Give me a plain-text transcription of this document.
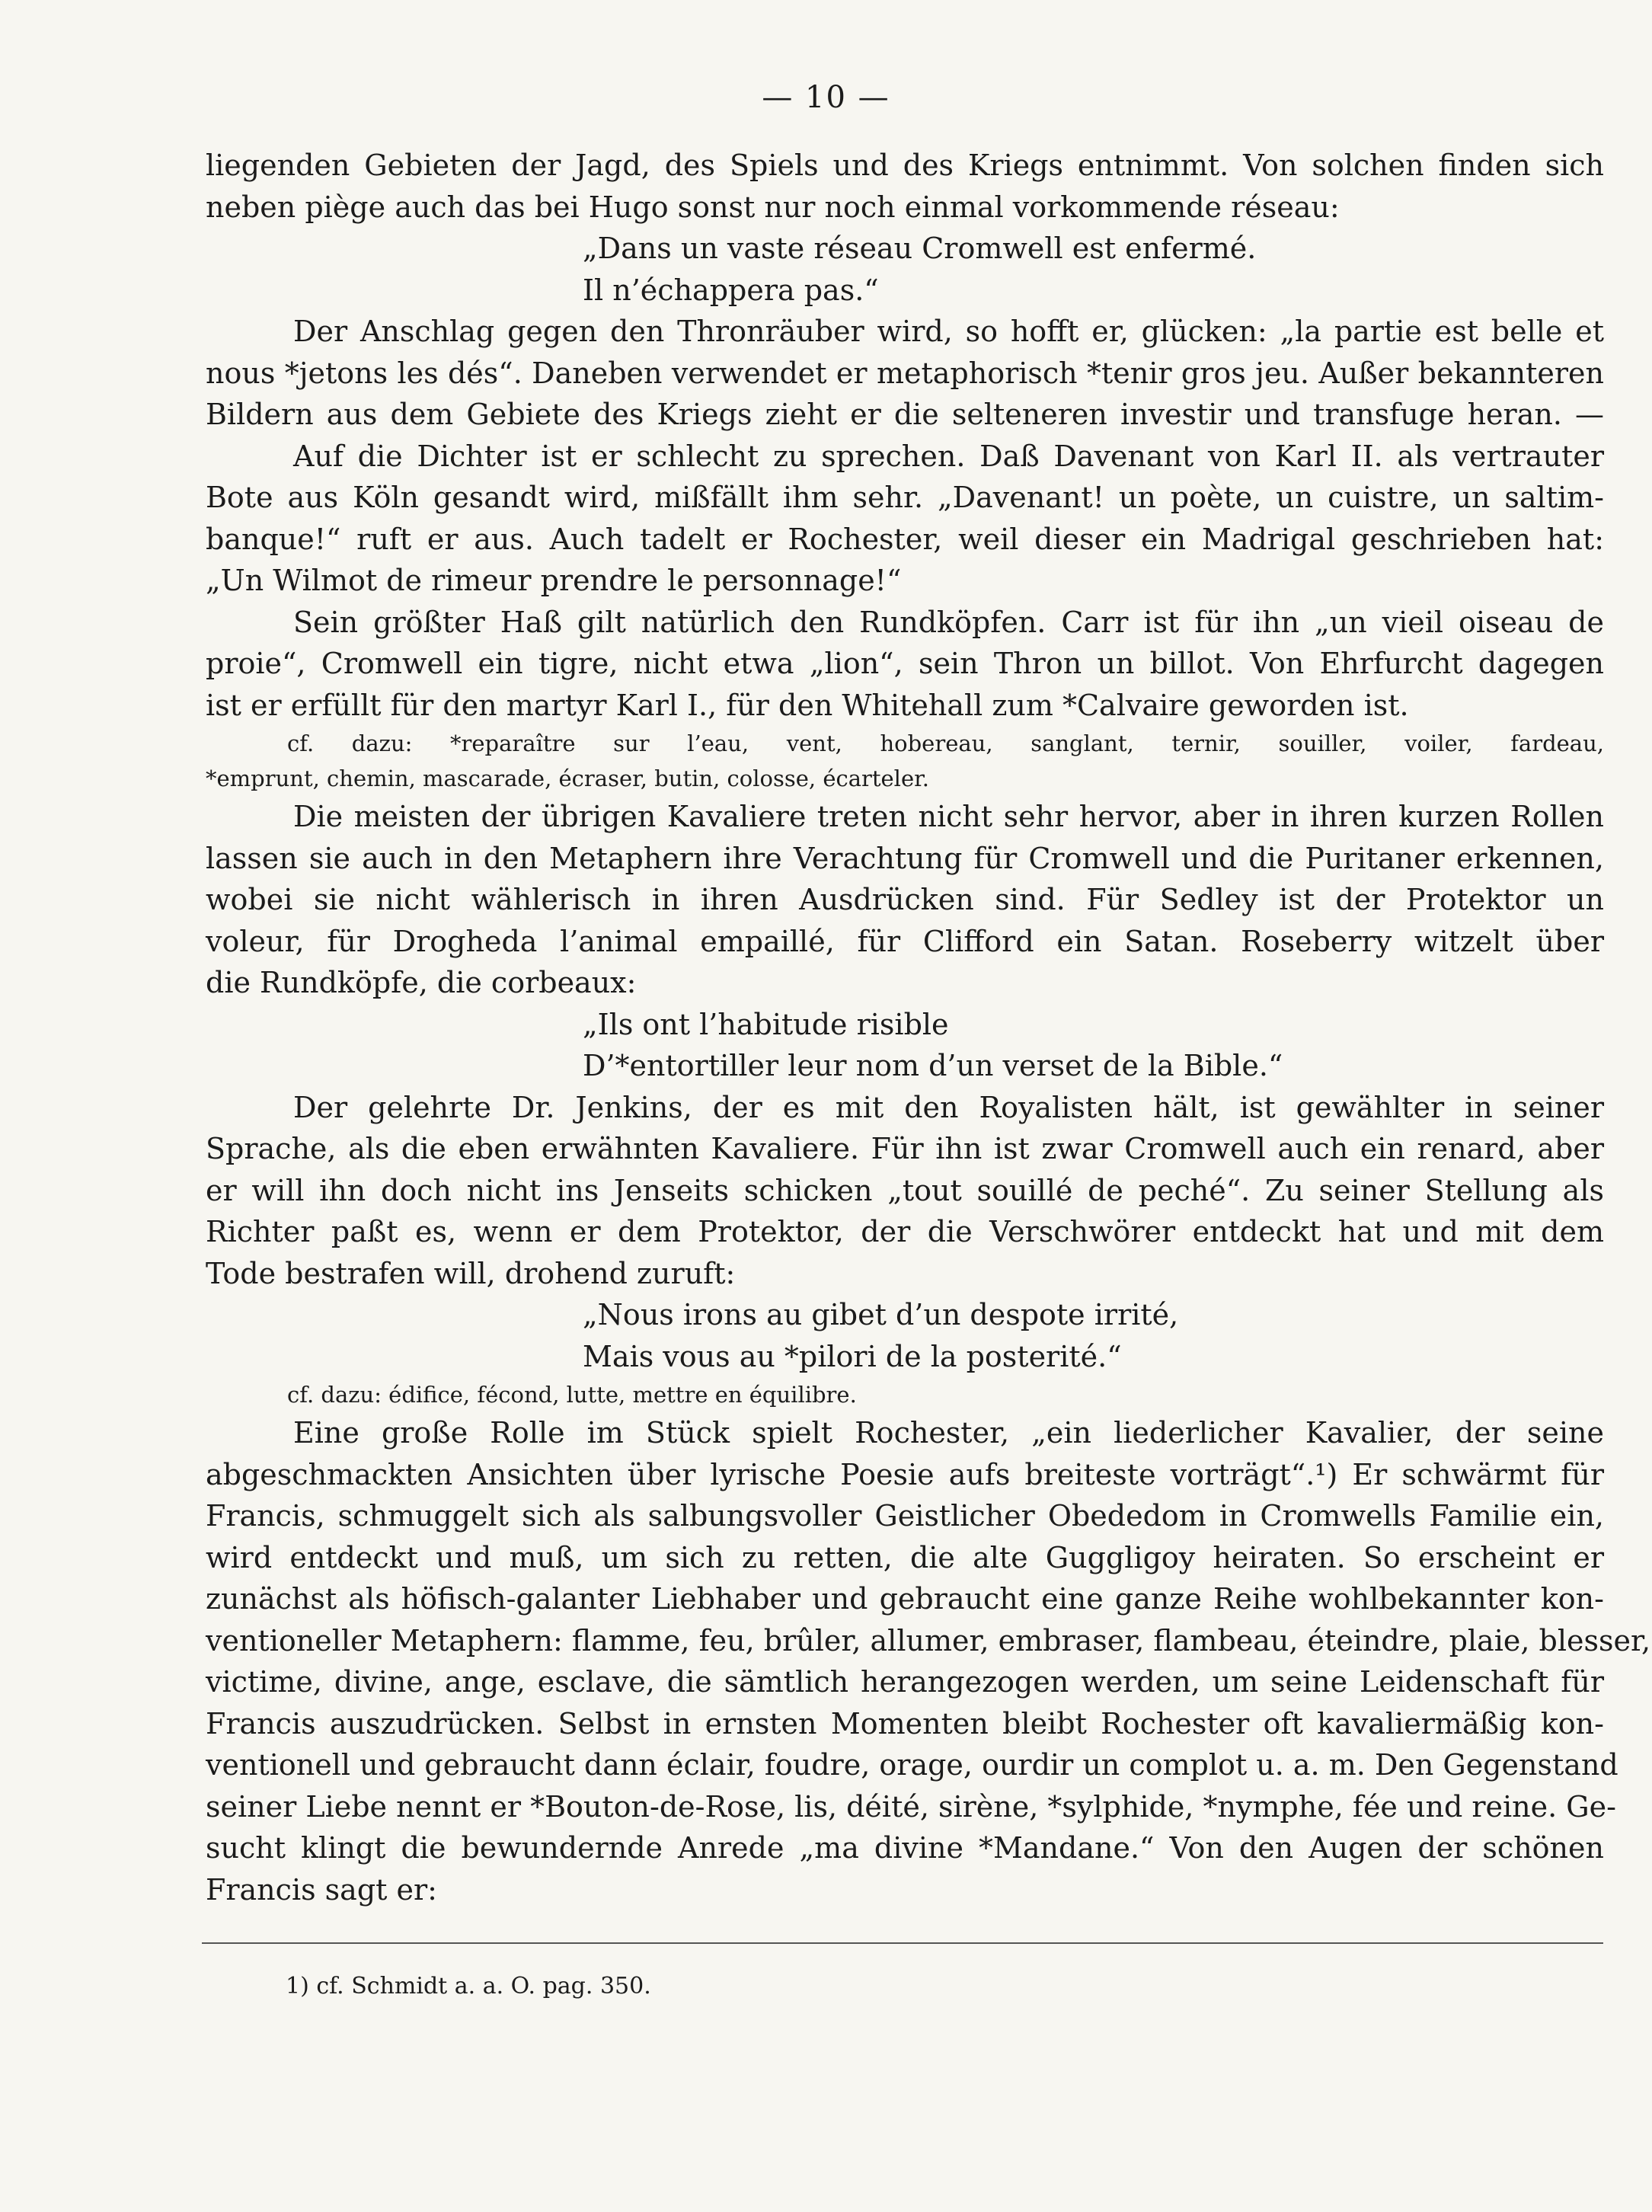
— 10 —
liegenden Gebieten der Jagd, des Spiels und des Kriegs entnimmt. Von solchen finden sich
neben piège auch das bei Hugo sonst nur noch einmal vorkommende réseau:
„Dans un vaste réseau Cromwell est enfermé.
Il n’échappera pas.“
Der Anschlag gegen den Thronräuber wird, so hofft er, glücken: „la partie est belle et
nous *jetons les dés“. Daneben verwendet er metaphorisch *tenir gros jeu. Außer bekannteren
Bildern aus dem Gebiete des Kriegs zieht er die selteneren investir und transfuge heran. —
Auf die Dichter ist er schlecht zu sprechen. Daß Davenant von Karl II. als vertrauter
Bote aus Köln gesandt wird, mißfällt ihm sehr. „Davenant! un poète, un cuistre, un saltim-
banque!“ ruft er aus. Auch tadelt er Rochester, weil dieser ein Madrigal geschrieben hat:
„Un Wilmot de rimeur prendre le personnage!“
Sein größter Haß gilt natürlich den Rundköpfen. Carr ist für ihn „un vieil oiseau de
proie“, Cromwell ein tigre, nicht etwa „lion“, sein Thron un billot. Von Ehrfurcht dagegen
ist er erfüllt für den martyr Karl I., für den Whitehall zum *Calvaire geworden ist.
cf. dazu: *reparaître sur l’eau, vent, hobereau, sanglant, ternir, souiller, voiler, fardeau,
*emprunt, chemin, mascarade, écraser, butin, colosse, écarteler.
Die meisten der übrigen Kavaliere treten nicht sehr hervor, aber in ihren kurzen Rollen
lassen sie auch in den Metaphern ihre Verachtung für Cromwell und die Puritaner erkennen,
wobei sie nicht wählerisch in ihren Ausdrücken sind. Für Sedley ist der Protektor un
voleur, für Drogheda l’animal empaillé, für Clifford ein Satan. Roseberry witzelt über
die Rundköpfe, die corbeaux:
„Ils ont l’habitude risible
D’*entortiller leur nom d’un verset de la Bible.“
Der gelehrte Dr. Jenkins, der es mit den Royalisten hält, ist gewählter in seiner
Sprache, als die eben erwähnten Kavaliere. Für ihn ist zwar Cromwell auch ein renard, aber
er will ihn doch nicht ins Jenseits schicken „tout souillé de peché“. Zu seiner Stellung als
Richter paßt es, wenn er dem Protektor, der die Verschwörer entdeckt hat und mit dem
Tode bestrafen will, drohend zuruft:
„Nous irons au gibet d’un despote irrité,
Mais vous au *pilori de la posterité.“
cf. dazu: édifice, fécond, lutte, mettre en équilibre.
Eine große Rolle im Stück spielt Rochester, „ein liederlicher Kavalier, der seine
abgeschmackten Ansichten über lyrische Poesie aufs breiteste vorträgt“.¹) Er schwärmt für
Francis, schmuggelt sich als salbungsvoller Geistlicher Obededom in Cromwells Familie ein,
wird entdeckt und muß, um sich zu retten, die alte Guggligoy heiraten. So erscheint er
zunächst als höfisch-galanter Liebhaber und gebraucht eine ganze Reihe wohlbekannter kon-
ventioneller Metaphern: flamme, feu, brûler, allumer, embraser, flambeau, éteindre, plaie, blesser,
victime, divine, ange, esclave, die sämtlich herangezogen werden, um seine Leidenschaft für
Francis auszudrücken. Selbst in ernsten Momenten bleibt Rochester oft kavaliermäßig kon-
ventionell und gebraucht dann éclair, foudre, orage, ourdir un complot u. a. m. Den Gegenstand
seiner Liebe nennt er *Bouton-de-Rose, lis, déité, sirène, *sylphide, *nymphe, fée und reine. Ge-
sucht klingt die bewundernde Anrede „ma divine *Mandane.“ Von den Augen der schönen
Francis sagt er:
1) cf. Schmidt a. a. O. pag. 350.
